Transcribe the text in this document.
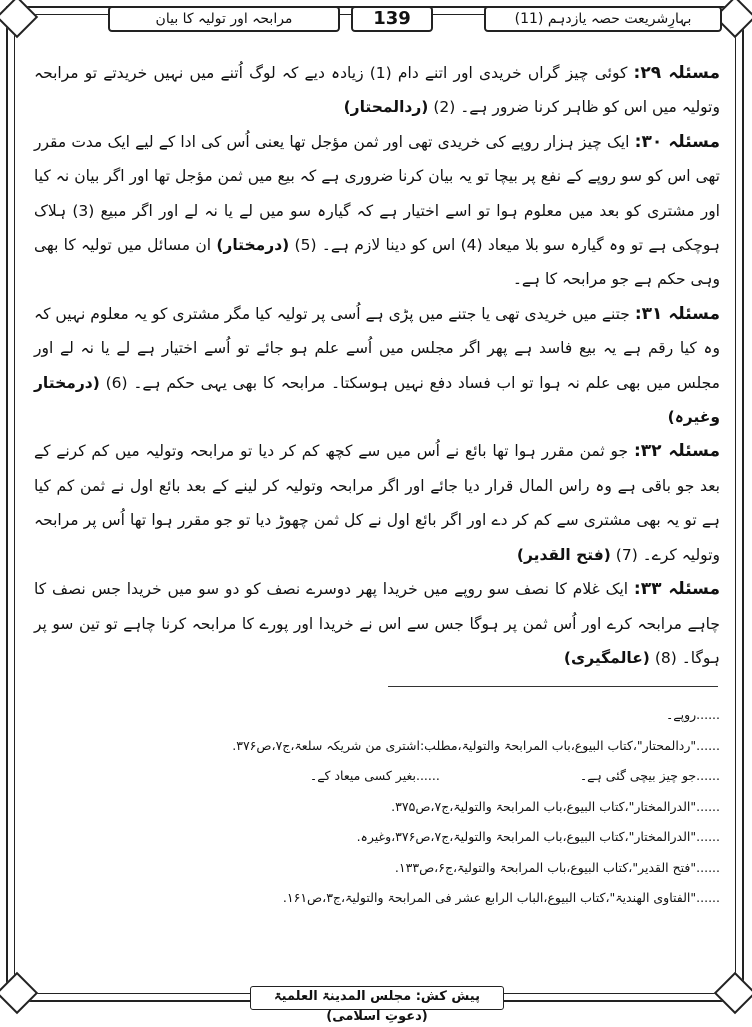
بہارِشریعت حصہ یازدہم (11)
139
مرابحہ اور تولیہ کا بیان

مسئلہ ۲۹: کوئی چیز گراں خریدی اور اتنے دام (1) زیادہ دیے کہ لوگ اُتنے میں نہیں خریدتے تو مرابحہ وتولیہ میں اس کو ظاہر کرنا ضرور ہے۔ (2) (ردالمحتار)

مسئلہ ۳۰: ایک چیز ہزار روپے کی خریدی تھی اور ثمن مؤجل تھا یعنی اُس کی ادا کے لیے ایک مدت مقرر تھی اس کو سو روپے کے نفع پر بیچا تو یہ بیان کرنا ضروری ہے کہ بیع میں ثمن مؤجل تھا اور اگر بیان نہ کیا اور مشتری کو بعد میں معلوم ہوا تو اسے اختیار ہے کہ گیارہ سو میں لے یا نہ لے اور اگر مبیع (3) ہلاک ہوچکی ہے تو وہ گیارہ سو بلا میعاد (4) اس کو دینا لازم ہے۔ (5) (درمختار) ان مسائل میں تولیہ کا بھی وہی حکم ہے جو مرابحہ کا ہے۔

مسئلہ ۳۱: جتنے میں خریدی تھی یا جتنے میں پڑی ہے اُسی پر تولیہ کیا مگر مشتری کو یہ معلوم نہیں کہ وہ کیا رقم ہے یہ بیع فاسد ہے پھر اگر مجلس میں اُسے علم ہو جائے تو اُسے اختیار ہے لے یا نہ لے اور مجلس میں بھی علم نہ ہوا تو اب فساد دفع نہیں ہوسکتا۔ مرابحہ کا بھی یہی حکم ہے۔ (6) (درمختار وغیرہ)

مسئلہ ۳۲: جو ثمن مقرر ہوا تھا بائع نے اُس میں سے کچھ کم کر دیا تو مرابحہ وتولیہ میں کم کرنے کے بعد جو باقی ہے وہ راس المال قرار دیا جائے اور اگر مرابحہ وتولیہ کر لینے کے بعد بائع اول نے ثمن کم کیا ہے تو یہ بھی مشتری سے کم کر دے اور اگر بائع اول نے کل ثمن چھوڑ دیا تو جو مقرر ہوا تھا اُس پر مرابحہ وتولیہ کرے۔ (7) (فتح القدیر)

مسئلہ ۳۳: ایک غلام کا نصف سو روپے میں خریدا پھر دوسرے نصف کو دو سو میں خریدا جس نصف کا چاہے مرابحہ کرے اور اُس ثمن پر ہوگا جس سے اس نے خریدا اور پورے کا مرابحہ کرنا چاہے تو تین سو پر ہوگا۔ (8) (عالمگیری)

......روپے۔
......"ردالمحتار"،کتاب البیوع،باب المرابحۃ والتولیۃ،مطلب:اشتری من شریکہ سلعۃ،ج۷،ص۳۷۶.
......جو چیز بیچی گئی ہے۔......بغیر کسی میعاد کے۔
......"الدرالمختار"،کتاب البیوع،باب المرابحۃ والتولیۃ،ج۷،ص۳۷۵.
......"الدرالمختار"،کتاب البیوع،باب المرابحۃ والتولیۃ،ج۷،ص۳۷۶،وغیرہ.
......"فتح القدیر"،کتاب البیوع،باب المرابحۃ والتولیۃ،ج۶،ص۱۳۳.
......"الفتاوی الهندیۃ"،کتاب البیوع،الباب الرابع عشر فی المرابحۃ والتولیۃ،ج۳،ص۱۶۱.
پیش کش: مجلس المدینۃ العلمیۃ (دعوتِ اسلامی)
